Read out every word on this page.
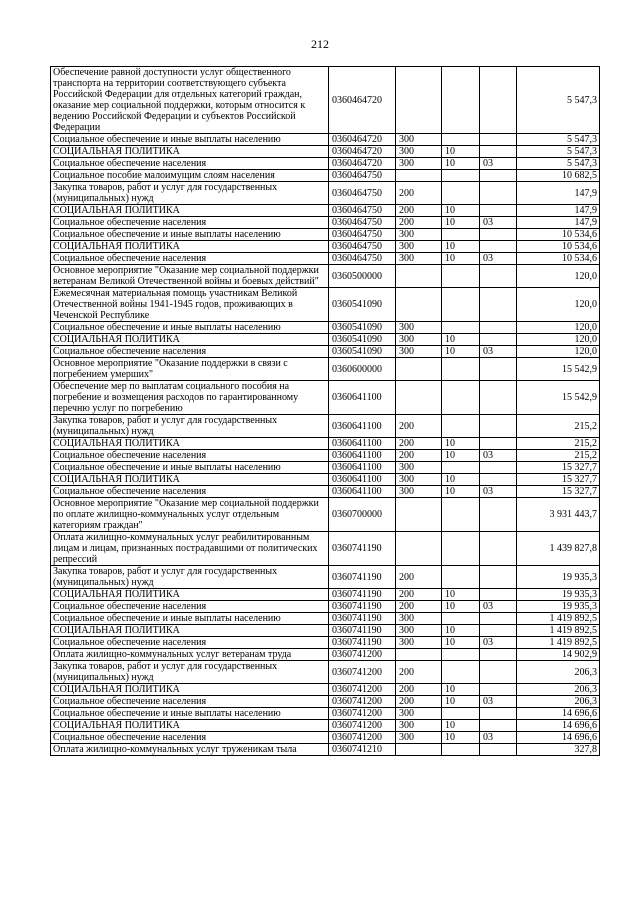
212
Обеспечение равной доступности услуг общественного транспорта на территории соответствующего субъекта Российской Федерации для отдельных категорий граждан, оказание мер социальной поддержки, которым относится к ведению Российской Федерации и субъектов Российской Федерации	0360464720				5 547,3
Социальное обеспечение и иные выплаты населению	0360464720	300			5 547,3
СОЦИАЛЬНАЯ ПОЛИТИКА	0360464720	300	10		5 547,3
Социальное обеспечение населения	0360464720	300	10	03	5 547,3
Социальное пособие малоимущим слоям населения	0360464750				10 682,5
Закупка товаров, работ и услуг для государственных (муниципальных) нужд	0360464750	200			147,9
СОЦИАЛЬНАЯ ПОЛИТИКА	0360464750	200	10		147,9
Социальное обеспечение населения	0360464750	200	10	03	147,9
Социальное обеспечение и иные выплаты населению	0360464750	300			10 534,6
СОЦИАЛЬНАЯ ПОЛИТИКА	0360464750	300	10		10 534,6
Социальное обеспечение населения	0360464750	300	10	03	10 534,6
Основное мероприятие "Оказание мер социальной поддержки ветеранам Великой Отечественной войны и боевых действий"	0360500000				120,0
Ежемесячная материальная помощь участникам Великой Отечественной войны 1941-1945 годов, проживающих в Чеченской Республике	0360541090				120,0
Социальное обеспечение и иные выплаты населению	0360541090	300			120,0
СОЦИАЛЬНАЯ ПОЛИТИКА	0360541090	300	10		120,0
Социальное обеспечение населения	0360541090	300	10	03	120,0
Основное мероприятие "Оказание поддержки в связи с погребением умерших"	0360600000				15 542,9
Обеспечение мер по выплатам социального пособия на погребение и возмещения расходов по гарантированному перечню услуг по погребению	0360641100				15 542,9
Закупка товаров, работ и услуг для государственных (муниципальных) нужд	0360641100	200			215,2
СОЦИАЛЬНАЯ ПОЛИТИКА	0360641100	200	10		215,2
Социальное обеспечение населения	0360641100	200	10	03	215,2
Социальное обеспечение и иные выплаты населению	0360641100	300			15 327,7
СОЦИАЛЬНАЯ ПОЛИТИКА	0360641100	300	10		15 327,7
Социальное обеспечение населения	0360641100	300	10	03	15 327,7
Основное мероприятие "Оказание мер социальной поддержки по оплате жилищно-коммунальных услуг отдельным категориям граждан"	0360700000				3 931 443,7
Оплата жилищно-коммунальных услуг реабилитированным лицам и лицам, признанных пострадавшими от политических репрессий	0360741190				1 439 827,8
Закупка товаров, работ и услуг для государственных (муниципальных) нужд	0360741190	200			19 935,3
СОЦИАЛЬНАЯ ПОЛИТИКА	0360741190	200	10		19 935,3
Социальное обеспечение населения	0360741190	200	10	03	19 935,3
Социальное обеспечение и иные выплаты населению	0360741190	300			1 419 892,5
СОЦИАЛЬНАЯ ПОЛИТИКА	0360741190	300	10		1 419 892,5
Социальное обеспечение населения	0360741190	300	10	03	1 419 892,5
Оплата жилищно-коммунальных услуг ветеранам труда	0360741200				14 902,9
Закупка товаров, работ и услуг для государственных (муниципальных) нужд	0360741200	200			206,3
СОЦИАЛЬНАЯ ПОЛИТИКА	0360741200	200	10		206,3
Социальное обеспечение населения	0360741200	200	10	03	206,3
Социальное обеспечение и иные выплаты населению	0360741200	300			14 696,6
СОЦИАЛЬНАЯ ПОЛИТИКА	0360741200	300	10		14 696,6
Социальное обеспечение населения	0360741200	300	10	03	14 696,6
Оплата жилищно-коммунальных услуг труженикам тыла	0360741210				327,8
